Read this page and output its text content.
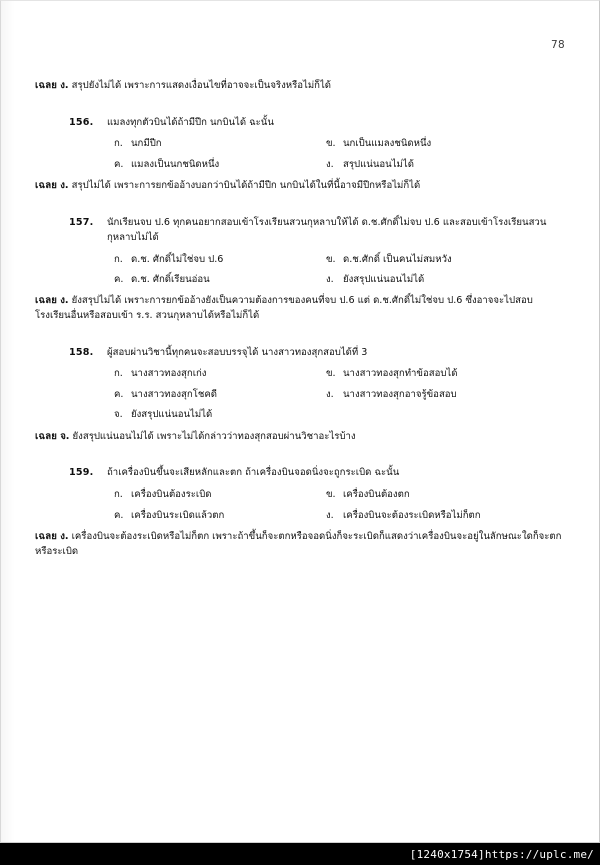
78
เฉลย ง. สรุปยังไม่ได้ เพราะการแสดงเงื่อนไขที่อาจจะเป็นจริงหรือไม่ก็ได้
156.	แมลงทุกตัวบินได้ถ้ามีปีก นกบินได้ ฉะนั้น
ก. นกมีปีก	ข. นกเป็นแมลงชนิดหนึ่ง
ค. แมลงเป็นนกชนิดหนึ่ง	ง. สรุปแน่นอนไม่ได้
เฉลย ง. สรุปไม่ได้ เพราะการยกข้ออ้างบอกว่าบินได้ถ้ามีปีก นกบินได้ในที่นี้อาจมีปีกหรือไม่ก็ได้
157.	นักเรียนจบ ป.6 ทุกคนอยากสอบเข้าโรงเรียนสวนกุหลาบให้ได้ ด.ช.ศักดิ์ไม่จบ ป.6 และสอบเข้าโรงเรียนสวนกุหลาบไม่ได้
ก. ด.ช. ศักดิ์ไม่ใช่จบ ป.6	ข. ด.ช.ศักดิ์ เป็นคนไม่สมหวัง
ค. ด.ช. ศักดิ์เรียนอ่อน	ง. ยังสรุปแน่นอนไม่ได้
เฉลย ง. ยังสรุปไม่ได้ เพราะการยกข้ออ้างยังเป็นความต้องการของคนที่จบ ป.6 แต่ ด.ช.ศักดิ์ไม่ใช่จบ ป.6 ซึ่งอาจจะไปสอบโรงเรียนอื่นหรือสอบเข้า ร.ร. สวนกุหลาบได้หรือไม่ก็ได้
158.	ผู้สอบผ่านวิชานี้ทุกคนจะสอบบรรจุได้ นางสาวทองสุกสอบได้ที่ 3
ก. นางสาวทองสุกเก่ง	ข. นางสาวทองสุกทำข้อสอบได้
ค. นางสาวทองสุกโชคดี	ง. นางสาวทองสุกอาจรู้ข้อสอบ
จ. ยังสรุปแน่นอนไม่ได้
เฉลย จ. ยังสรุปแน่นอนไม่ได้ เพราะไม่ได้กล่าวว่าทองสุกสอบผ่านวิชาอะไรบ้าง
159.	ถ้าเครื่องบินขึ้นจะเสียหลักและตก ถ้าเครื่องบินจอดนิ่งจะถูกระเบิด ฉะนั้น
ก. เครื่องบินต้องระเบิด	ข. เครื่องบินต้องตก
ค. เครื่องบินระเบิดแล้วตก	ง. เครื่องบินจะต้องระเบิดหรือไม่ก็ตก
เฉลย ง. เครื่องบินจะต้องระเบิดหรือไม่ก็ตก เพราะถ้าขึ้นก็จะตกหรือจอดนิ่งก็จะระเบิดก็แสดงว่าเครื่องบินจะอยู่ในลักษณะใดก็จะตกหรือระเบิด
[1240x1754]https://uplc.me/
